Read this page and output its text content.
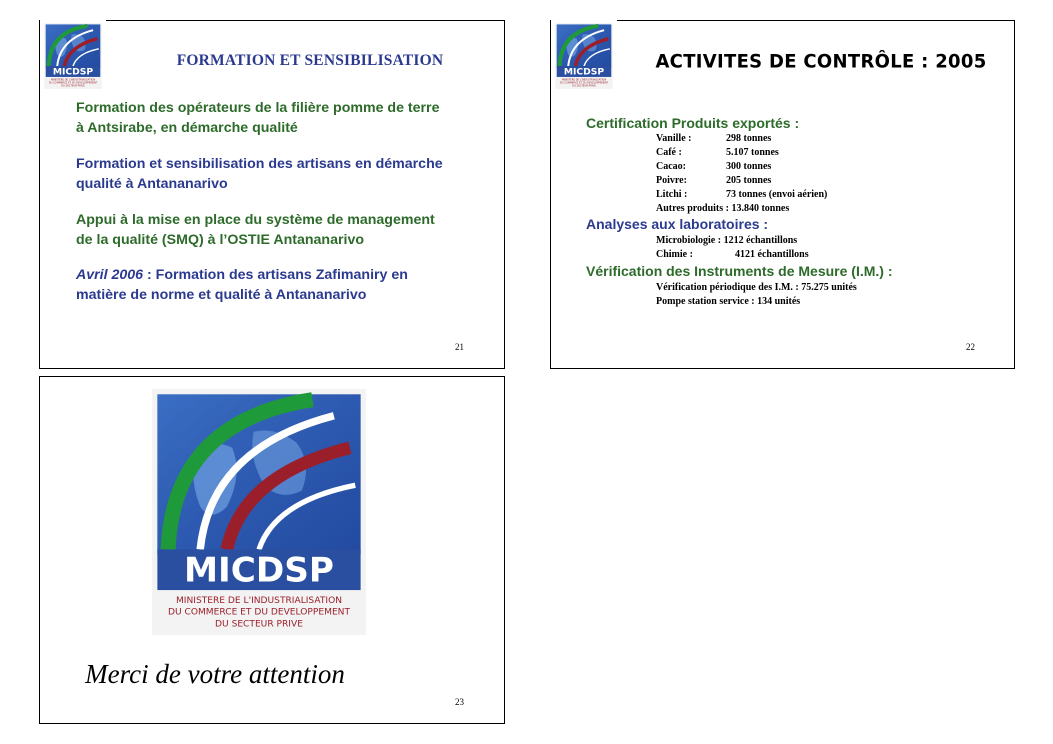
FORMATION ET SENSIBILISATION
Formation des opérateurs de la filière pomme de terre
à Antsirabe, en démarche qualité
Formation et sensibilisation des artisans en démarche
qualité à Antananarivo
Appui à la mise en place du système de management
de la qualité (SMQ) à l’OSTIE Antananarivo
Avril 2006 : Formation des artisans Zafimaniry en
matière de norme et qualité à Antananarivo
21
ACTIVITES DE CONTRÔLE : 2005
Certification Produits exportés :
Vanille :	298 tonnes
Café :	5.107 tonnes
Cacao:	300 tonnes
Poivre:	205 tonnes
Litchi :	73 tonnes (envoi aérien)
Autres produits : 13.840 tonnes
Analyses aux laboratoires :
Microbiologie : 1212 échantillons
Chimie :	4121 échantillons
Vérification des Instruments de Mesure (I.M.) :
Vérification périodique des I.M. : 75.275 unités
Pompe station service : 134 unités
22
Merci de votre attention
23
